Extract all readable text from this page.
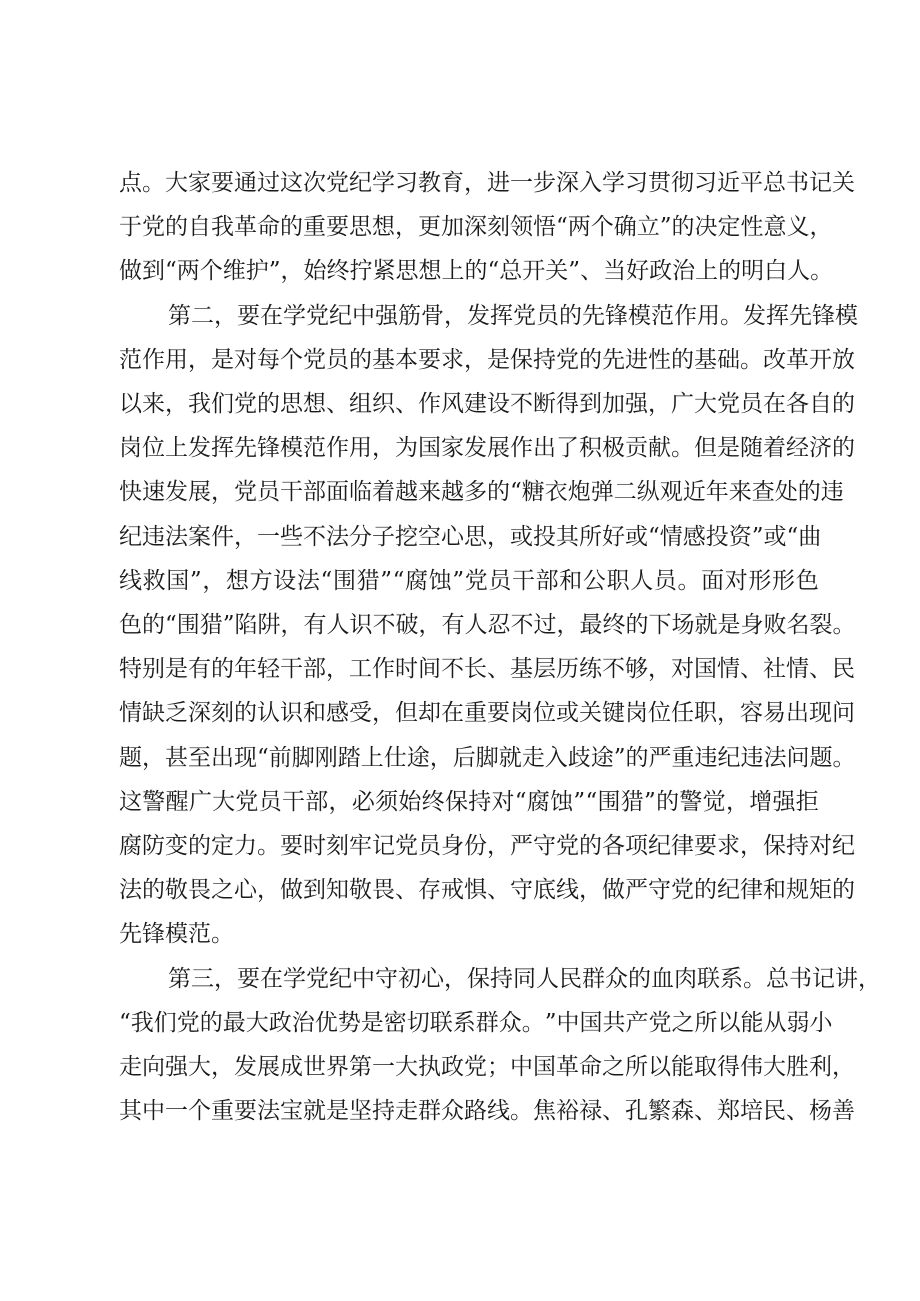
点 。 大 家 要 通 过 这 次 党 纪 学 习 教 育 ， 进 一 步 深 入 学 习 贯 彻 习 近 平 总 书 记 关
于 党 的 自 我 革 命 的 重 要 思 想 ， 更 加 深 刻 领 悟 “ 两 个 确 立 ” 的 决 定 性 意 义 ，
做 到 “ 两 个 维 护 ” ， 始 终 拧 紧 思 想 上 的 “ 总 开 关 ” 、 当 好 政 治 上 的 明 白 人 。
第 二 ， 要 在 学 党 纪 中 强 筋 骨 ， 发 挥 党 员 的 先 锋 模 范 作 用 。 发 挥 先 锋 模
范 作 用 ， 是 对 每 个 党 员 的 基 本 要 求 ， 是 保 持 党 的 先 进 性 的 基 础 。 改 革 开 放
以 来 ， 我 们 党 的 思 想 、 组 织 、 作 风 建 设 不 断 得 到 加 强 ， 广 大 党 员 在 各 自 的
岗 位 上 发 挥 先 锋 模 范 作 用 ， 为 国 家 发 展 作 出 了 积 极 贡 献 。 但 是 随 着 经 济 的
快 速 发 展 ， 党 员 干 部 面 临 着 越 来 越 多 的 “ 糖 衣 炮 弹 二 纵 观 近 年 来 查 处 的 违
纪 违 法 案 件 ， 一 些 不 法 分 子 挖 空 心 思 ， 或 投 其 所 好 或 “ 情 感 投 资 ” 或 “ 曲
线 救 国 ” ， 想 方 设 法 “ 围 猎 ” “ 腐 蚀 ” 党 员 干 部 和 公 职 人 员 。 面 对 形 形 色
色 的 “ 围 猎 ” 陷 阱 ， 有 人 识 不 破 ， 有 人 忍 不 过 ， 最 终 的 下 场 就 是 身 败 名 裂 。
特 别 是 有 的 年 轻 干 部 ， 工 作 时 间 不 长 、 基 层 历 练 不 够 ， 对 国 情 、 社 情 、 民
情 缺 乏 深 刻 的 认 识 和 感 受 ， 但 却 在 重 要 岗 位 或 关 键 岗 位 任 职 ， 容 易 出 现 问
题 ， 甚 至 出 现 “ 前 脚 刚 踏 上 仕 途 ， 后 脚 就 走 入 歧 途 ” 的 严 重 违 纪 违 法 问 题 。
这 警 醒 广 大 党 员 干 部 ， 必 须 始 终 保 持 对 “ 腐 蚀 ” “ 围 猎 ” 的 警 觉 ， 增 强 拒
腐 防 变 的 定 力 。 要 时 刻 牢 记 党 员 身 份 ， 严 守 党 的 各 项 纪 律 要 求 ， 保 持 对 纪
法 的 敬 畏 之 心 ， 做 到 知 敬 畏 、 存 戒 惧 、 守 底 线 ， 做 严 守 党 的 纪 律 和 规 矩 的
先 锋 模 范 。
第 三 ， 要 在 学 党 纪 中 守 初 心 ， 保 持 同 人 民 群 众 的 血 肉 联 系 。 总 书 记 讲 ，
“ 我 们 党 的 最 大 政 治 优 势 是 密 切 联 系 群 众 。 ” 中 国 共 产 党 之 所 以 能 从 弱 小
走 向 强 大 ， 发 展 成 世 界 第 一 大 执 政 党 ； 中 国 革 命 之 所 以 能 取 得 伟 大 胜 利 ，
其 中 一 个 重 要 法 宝 就 是 坚 持 走 群 众 路 线 。 焦 裕 禄 、 孔 繁 森 、 郑 培 民 、 杨 善
